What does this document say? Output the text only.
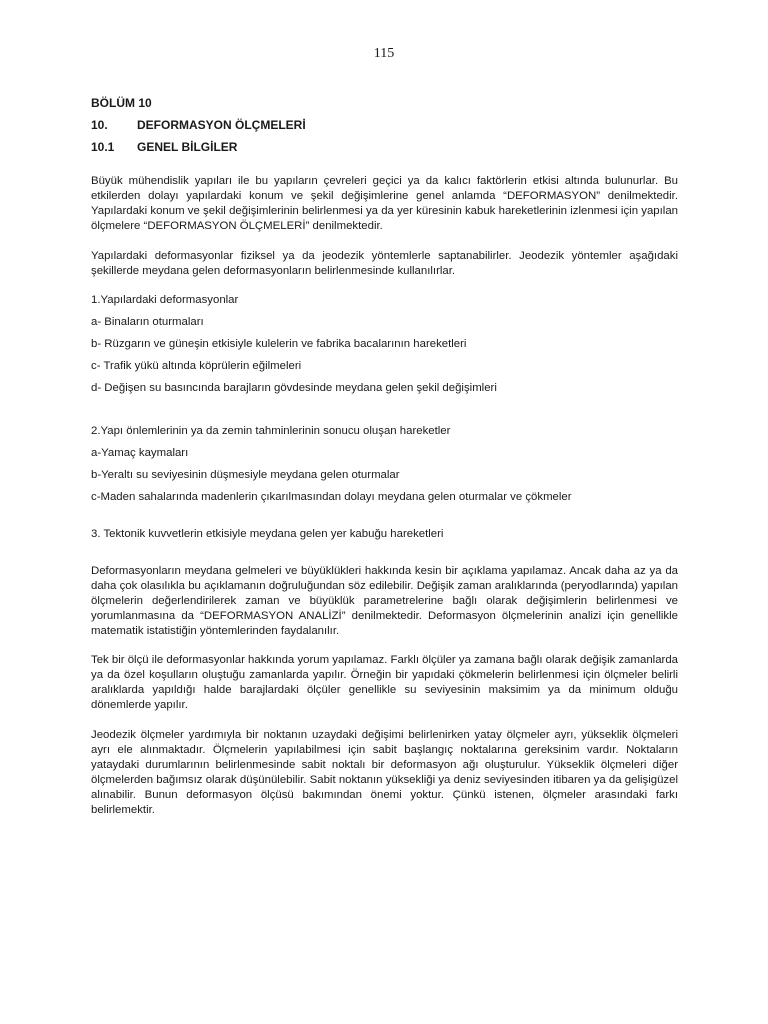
115

BÖLÜM 10

10.	DEFORMASYON ÖLÇMELERİ
10.1	GENEL BİLGİLER

Büyük mühendislik yapıları ile bu yapıların çevreleri geçici ya da kalıcı faktörlerin etkisi altında bulunurlar. Bu etkilerden dolayı yapılardaki konum ve şekil değişimlerine genel anlamda “DEFORMASYON” denilmektedir. Yapılardaki konum ve şekil değişimlerinin belirlenmesi ya da yer küresinin kabuk hareketlerinin izlenmesi için yapılan ölçmelere “DEFORMASYON ÖLÇMELERİ” denilmektedir.

Yapılardaki deformasyonlar fiziksel ya da jeodezik yöntemlerle saptanabilirler. Jeodezik yöntemler aşağıdaki şekillerde meydana gelen deformasyonların belirlenmesinde kullanılırlar.

1.Yapılardaki deformasyonlar

a- Binaların oturmaları

b- Rüzgarın ve güneşin etkisiyle kulelerin ve fabrika bacalarının hareketleri

c- Trafik yükü altında köprülerin eğilmeleri

d- Değişen su basıncında barajların gövdesinde meydana gelen şekil değişimleri

2.Yapı önlemlerinin ya da zemin tahminlerinin sonucu oluşan hareketler

a-Yamaç kaymaları

b-Yeraltı su seviyesinin düşmesiyle meydana gelen oturmalar

c-Maden sahalarında madenlerin çıkarılmasından dolayı meydana gelen oturmalar ve çökmeler

3. Tektonik kuvvetlerin etkisiyle meydana gelen yer kabuğu hareketleri

Deformasyonların meydana gelmeleri ve büyüklükleri hakkında kesin bir açıklama yapılamaz. Ancak daha az ya da daha çok olasılıkla bu açıklamanın doğruluğundan söz edilebilir. Değişik zaman aralıklarında (peryodlarında) yapılan ölçmelerin değerlendirilerek zaman ve büyüklük parametrelerine bağlı olarak değişimlerin belirlenmesi ve yorumlanmasına da “DEFORMASYON ANALİZİ” denilmektedir. Deformasyon ölçmelerinin analizi için genellikle matematik istatistiğin yöntemlerinden faydalanılır.

Tek bir ölçü ile deformasyonlar hakkında yorum yapılamaz. Farklı ölçüler ya zamana bağlı olarak değişik zamanlarda ya da özel koşulların oluştuğu zamanlarda yapılır. Örneğin bir yapıdaki çökmelerin belirlenmesi için ölçmeler belirli aralıklarda yapıldığı halde barajlardaki ölçüler genellikle su seviyesinin maksimim ya da minimum olduğu dönemlerde yapılır.

Jeodezik ölçmeler yardımıyla bir noktanın uzaydaki değişimi belirlenirken yatay ölçmeler ayrı, yükseklik ölçmeleri ayrı ele alınmaktadır. Ölçmelerin yapılabilmesi için sabit başlangıç noktalarına gereksinim vardır. Noktaların yataydaki durumlarının belirlenmesinde sabit noktalı bir deformasyon ağı oluşturulur. Yükseklik ölçmeleri diğer ölçmelerden bağımsız olarak düşünülebilir. Sabit noktanın yüksekliği ya deniz seviyesinden itibaren ya da gelişigüzel alınabilir. Bunun deformasyon ölçüsü bakımından önemi yoktur. Çünkü istenen, ölçmeler arasındaki farkı belirlemektir.
